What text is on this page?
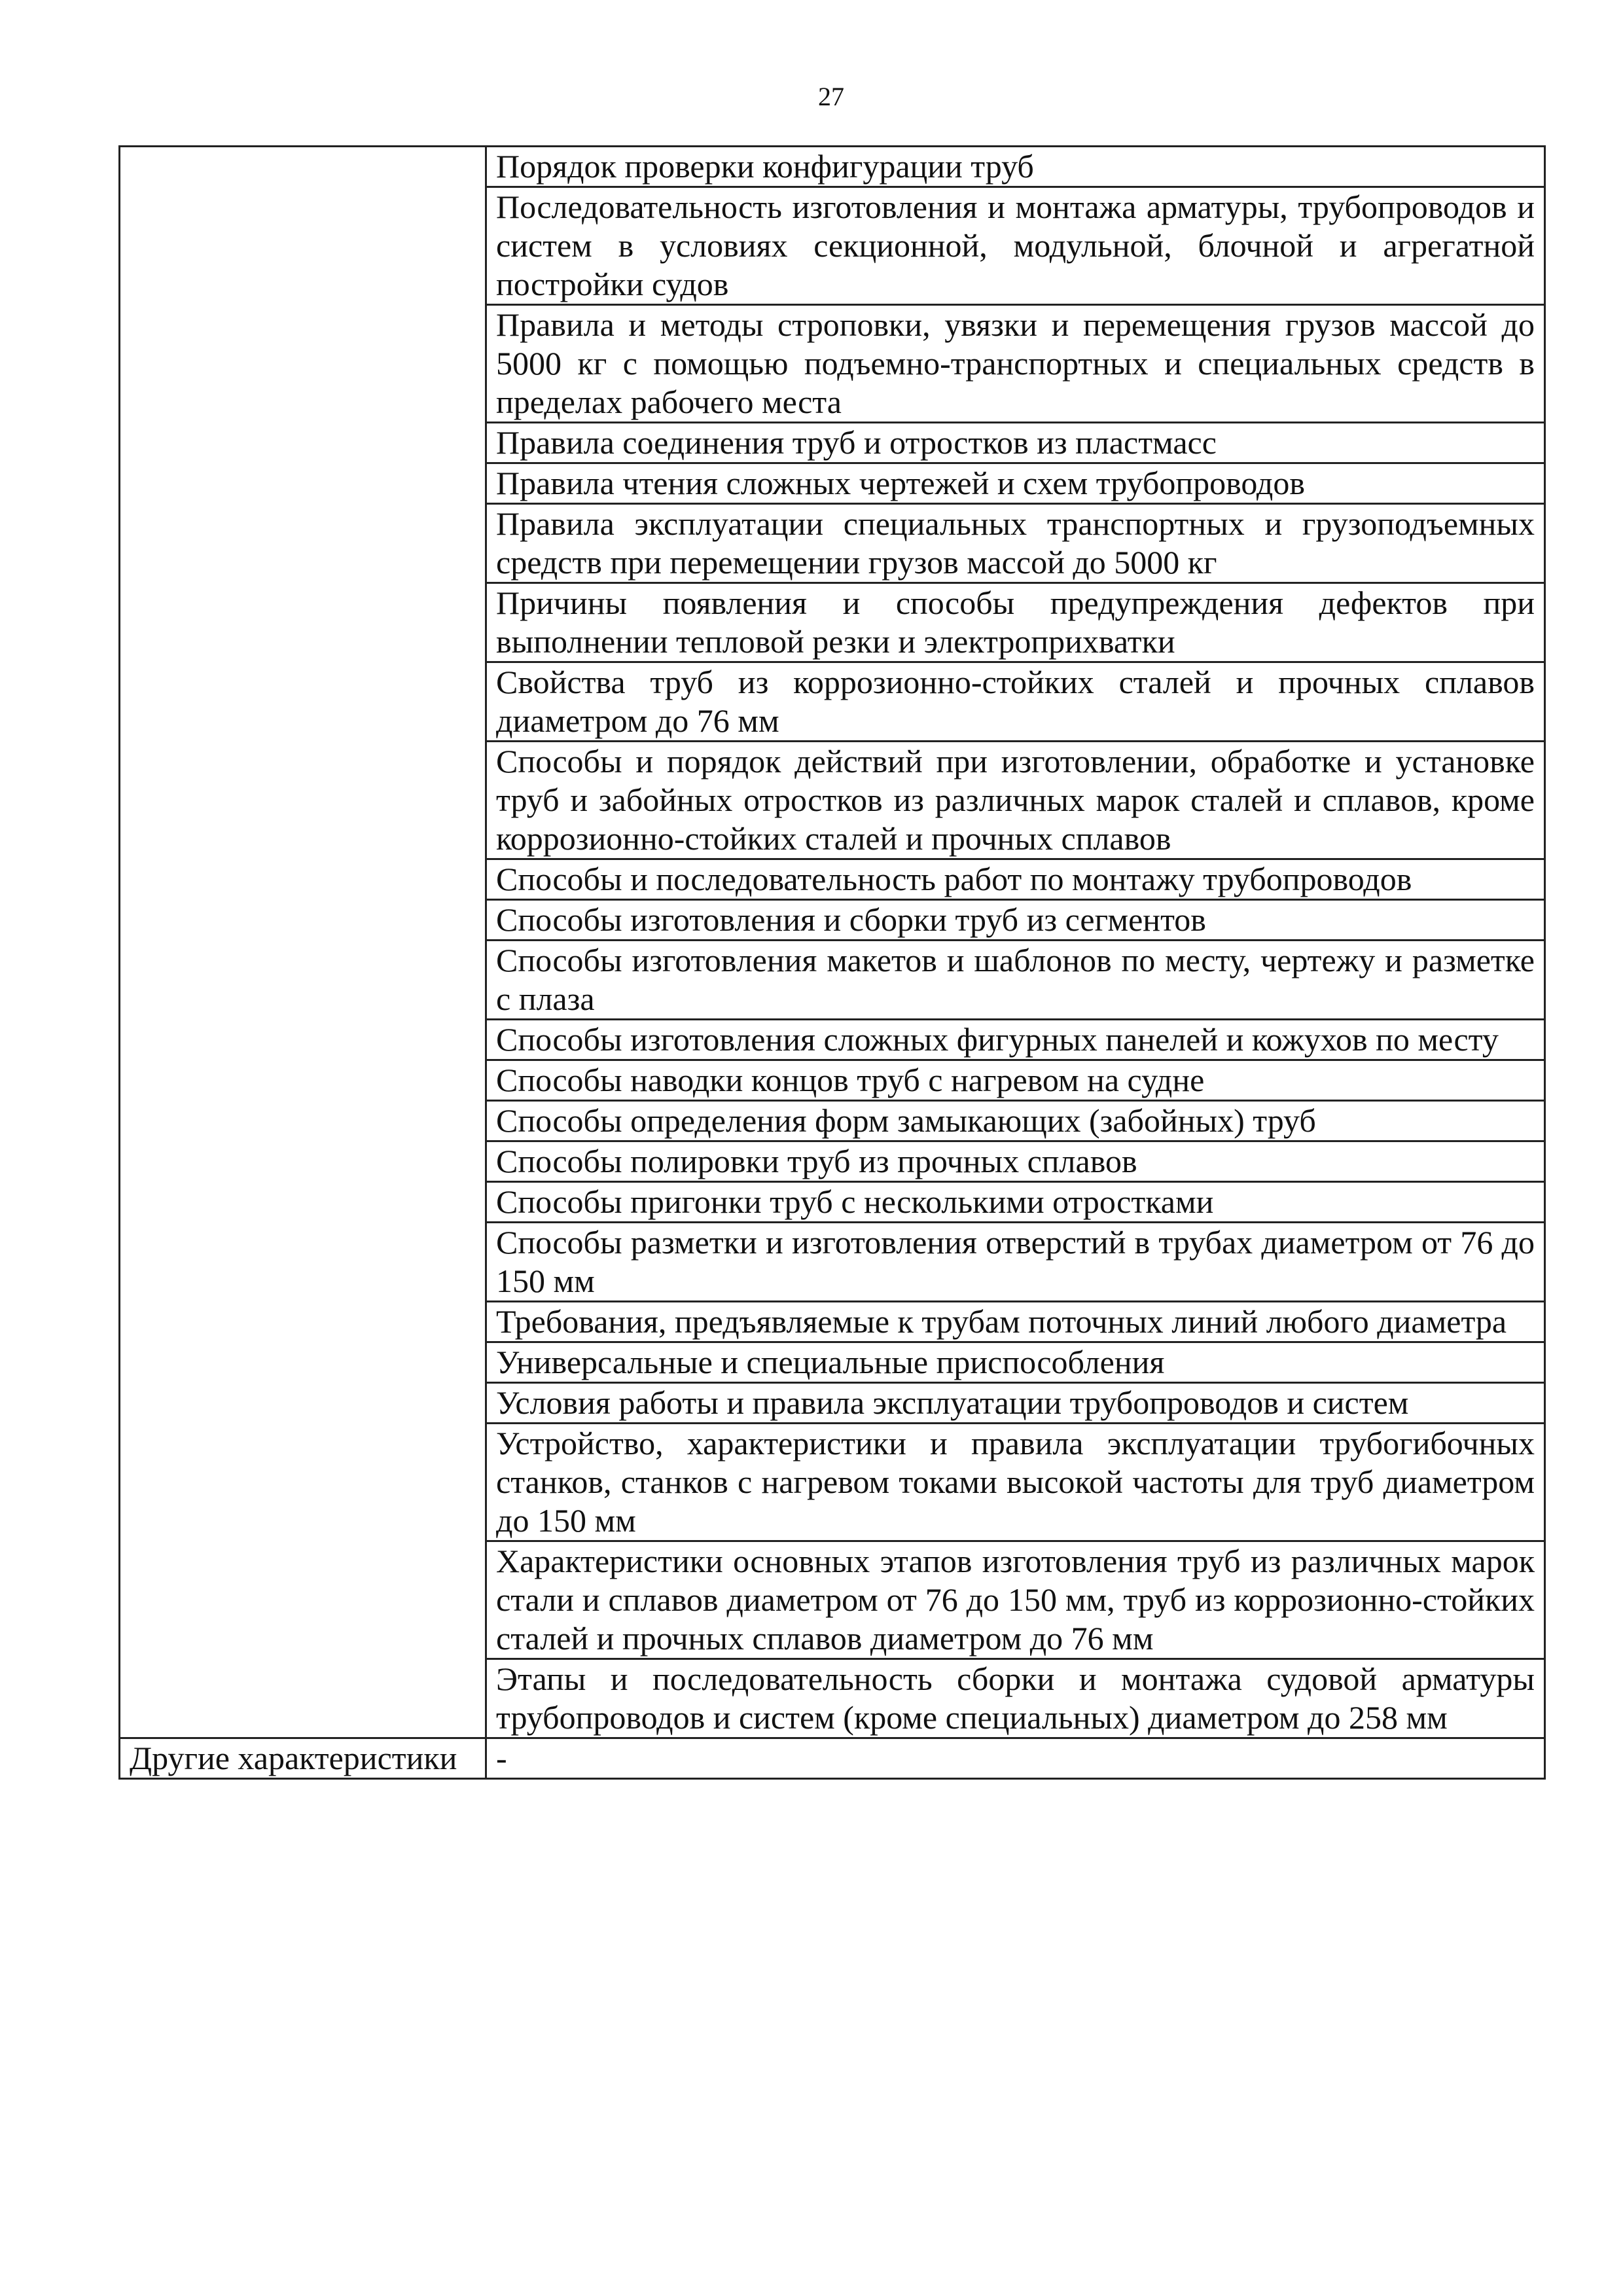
27
	Порядок проверки конфигурации труб
	Последовательность изготовления и монтажа арматуры, трубопроводов и систем в условиях секционной, модульной, блочной и агрегатной постройки судов
	Правила и методы строповки, увязки и перемещения грузов массой до 5000 кг с помощью подъемно-транспортных и специальных средств в пределах рабочего места
	Правила соединения труб и отростков из пластмасс
	Правила чтения сложных чертежей и схем трубопроводов
	Правила эксплуатации специальных транспортных и грузоподъемных средств при перемещении грузов массой до 5000 кг
	Причины появления и способы предупреждения дефектов при выполнении тепловой резки и электроприхватки
	Свойства труб из коррозионно-стойких сталей и прочных сплавов диаметром до 76 мм
	Способы и порядок действий при изготовлении, обработке и установке труб и забойных отростков из различных марок сталей и сплавов, кроме коррозионно-стойких сталей и прочных сплавов
	Способы и последовательность работ по монтажу трубопроводов
	Способы изготовления и сборки труб из сегментов
	Способы изготовления макетов и шаблонов по месту, чертежу и разметке с плаза
	Способы изготовления сложных фигурных панелей и кожухов по месту
	Способы наводки концов труб с нагревом на судне
	Способы определения форм замыкающих (забойных) труб
	Способы полировки труб из прочных сплавов
	Способы пригонки труб с несколькими отростками
	Способы разметки и изготовления отверстий в трубах диаметром от 76 до 150 мм
	Требования, предъявляемые к трубам поточных линий любого диаметра
	Универсальные и специальные приспособления
	Условия работы и правила эксплуатации трубопроводов и систем
	Устройство, характеристики и правила эксплуатации трубогибочных станков, станков с нагревом токами высокой частоты для труб диаметром до 150 мм
	Характеристики основных этапов изготовления труб из различных марок стали и сплавов диаметром от 76 до 150 мм, труб из коррозионно-стойких сталей и прочных сплавов диаметром до 76 мм
	Этапы и последовательность сборки и монтажа судовой арматуры трубопроводов и систем (кроме специальных) диаметром до 258 мм
Другие характеристики	-
